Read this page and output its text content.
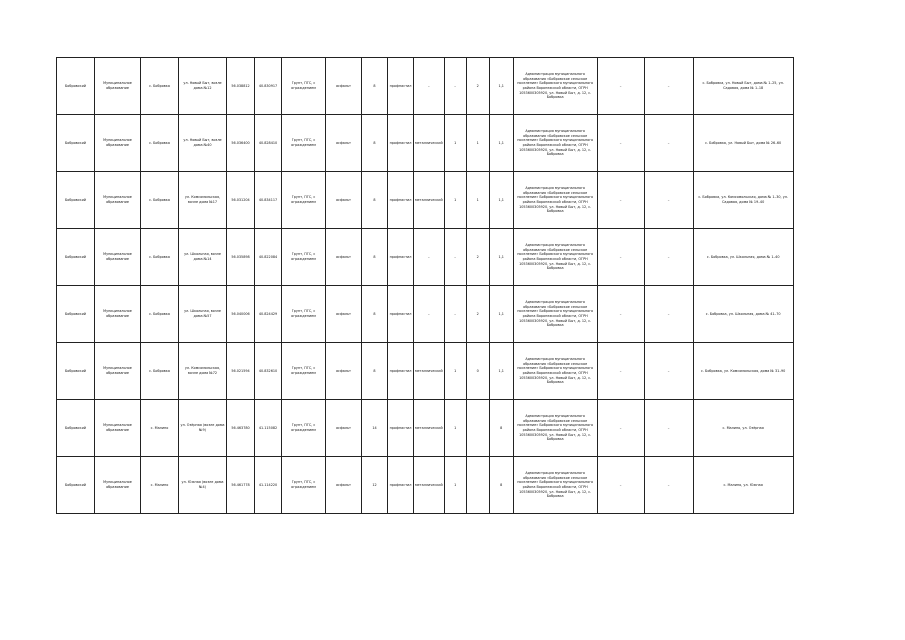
Бобровский	Муниципальное образование	с. Бобровка	ул. Новый Быт, возле дома №12	56.038812	40.830917	Грунт, ПГС, с ограждением	асфальт	8	профнастил	–	–	2	1,1	Администрация муниципального образования «Бобровское сельское поселение» Бобровского муниципального района Воронежской области, ОГРН 1053600305920, ул. Новый Быт, д. 12, с. Бобровка	–	–	с. Бобровка, ул. Новый Быт, дома № 1–25, ул. Садовая, дома № 1–18
Бобровский	Муниципальное образование	с. Бобровка	ул. Новый Быт, возле дома №40	56.036400	40.828410	Грунт, ПГС, с ограждением	асфальт	8	профнастил	металлический	1	1	1,1	Администрация муниципального образования «Бобровское сельское поселение» Бобровского муниципального района Воронежской области, ОГРН 1053600305920, ул. Новый Быт, д. 12, с. Бобровка	–	–	с. Бобровка, ул. Новый Быт, дома № 26–60
Бобровский	Муниципальное образование	с. Бобровка	ул. Комсомольская, возле дома №17	56.031204	40.834117	Грунт, ПГС, с ограждением	асфальт	8	профнастил	металлический	1	1	1,1	Администрация муниципального образования «Бобровское сельское поселение» Бобровского муниципального района Воронежской области, ОГРН 1053600305920, ул. Новый Быт, д. 12, с. Бобровка	–	–	с. Бобровка, ул. Комсомольская, дома № 1–30, ул. Садовая, дома № 19–40
Бобровский	Муниципальное образование	с. Бобровка	ул. Школьная, возле дома №14	56.035898	40.822084	Грунт, ПГС, с ограждением	асфальт	8	профнастил	–	–	2	1,1	Администрация муниципального образования «Бобровское сельское поселение» Бобровского муниципального района Воронежской области, ОГРН 1053600305920, ул. Новый Быт, д. 12, с. Бобровка	–	–	с. Бобровка, ул. Школьная, дома № 1–40
Бобровский	Муниципальное образование	с. Бобровка	ул. Школьная, возле дома №57	56.040006	40.824429	Грунт, ПГС, с ограждением	асфальт	8	профнастил	–	–	2	1,1	Администрация муниципального образования «Бобровское сельское поселение» Бобровского муниципального района Воронежской области, ОГРН 1053600305920, ул. Новый Быт, д. 12, с. Бобровка	–	–	с. Бобровка, ул. Школьная, дома № 41–70
Бобровский	Муниципальное образование	с. Бобровка	ул. Комсомольская, возле дома №72	56.021594	40.832610	Грунт, ПГС, с ограждением	асфальт	8	профнастил	металлический	1	0	1,1	Администрация муниципального образования «Бобровское сельское поселение» Бобровского муниципального района Воронежской области, ОГРН 1053600305920, ул. Новый Быт, д. 12, с. Бобровка	–	–	с. Бобровка, ул. Комсомольская, дома № 31–90
Бобровский	Муниципальное образование	с. Малино	ул. Озёрная (возле дома №9)	56.463780	41.115082	Грунт, ПГС, с ограждением	асфальт	14	профнастил	металлический	1		8	Администрация муниципального образования «Бобровское сельское поселение» Бобровского муниципального района Воронежской области, ОГРН 1053600305920, ул. Новый Быт, д. 12, с. Бобровка	–	–	с. Малино, ул. Озёрная
Бобровский	Муниципальное образование	с. Малино	ул. Южная (возле дома №4)	56.461778	41.114220	Грунт, ПГС, с ограждением	асфальт	12	профнастил	металлический	1		8	Администрация муниципального образования «Бобровское сельское поселение» Бобровского муниципального района Воронежской области, ОГРН 1053600305920, ул. Новый Быт, д. 12, с. Бобровка	–	–	с. Малино, ул. Южная
